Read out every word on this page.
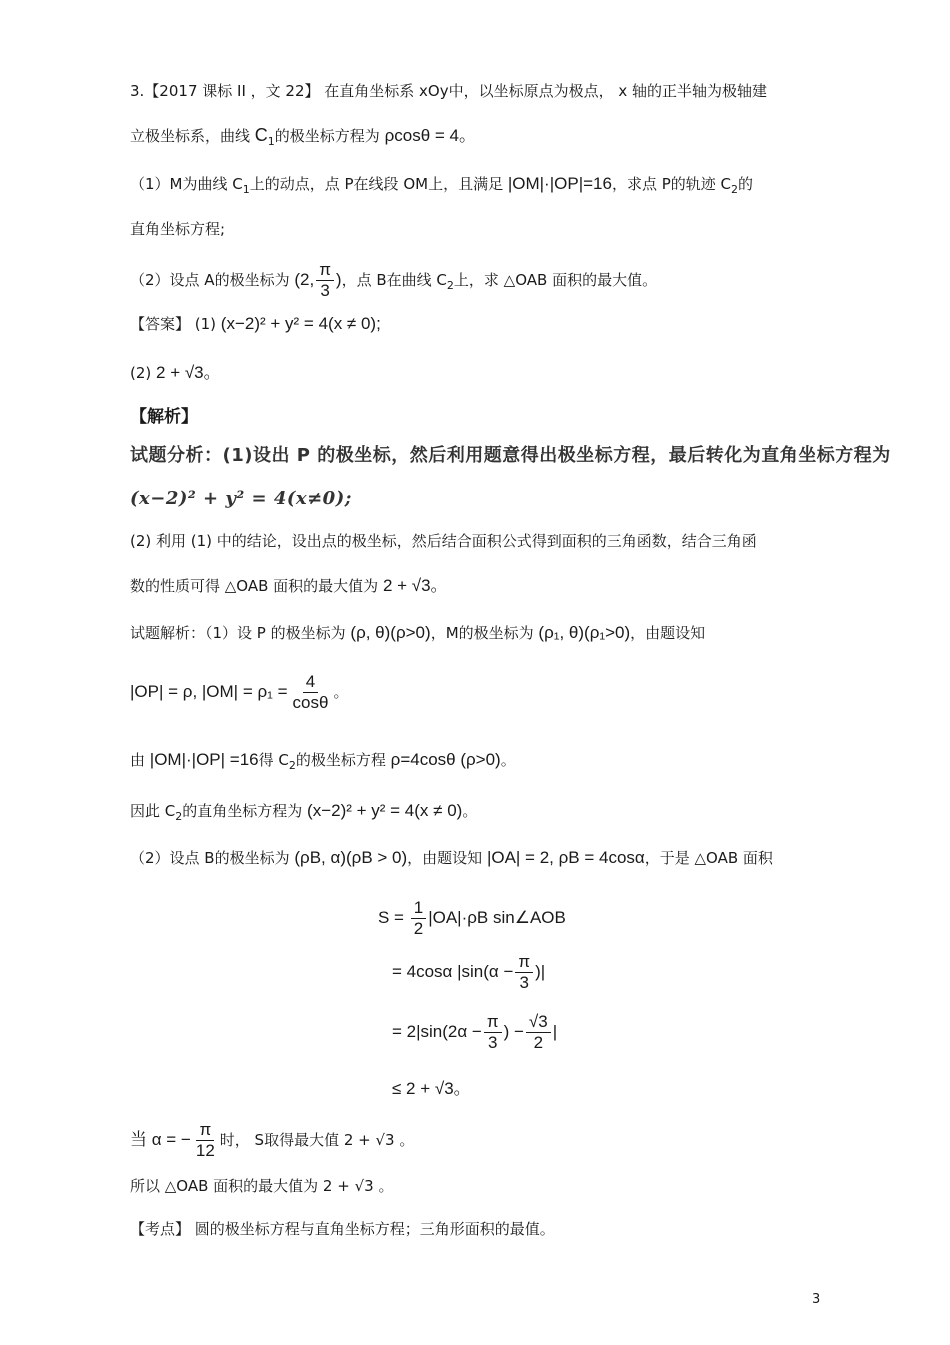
3.【2017 课标 II ，文 22】 在直角坐标系 xOy中，以坐标原点为极点， x 轴的正半轴为极轴建
立极坐标系，曲线 $C_1$的极坐标方程为 ρcosθ = 4。
（1）M为曲线 $C_1$上的动点，点 P在线段 OM上，且满足 |OM|·|OP|=16，求点 P的轨迹 $C_2$的
直角坐标方程;
（2）设点 A的极坐标为 (2, $\frac{\pi}{3}$ )，点 B在曲线 $C_2$上，求 △OAB 面积的最大值。
【答案】 (1) (x−2)² + y² = 4(x ≠ 0);
(2) 2 + √3。
【解析】
试题分析：(1)设出 P 的极坐标，然后利用题意得出极坐标方程，最后转化为直角坐标方程为
(x−2)² + y² = 4(x≠0);
(2) 利用 (1) 中的结论，设出点的极坐标，然后结合面积公式得到面积的三角函数，结合三角函
数的性质可得 △OAB 面积的最大值为 2 + √3。
试题解析：（1）设 P 的极坐标为 (ρ, θ)(ρ>0)，M的极坐标为 (ρ₁, θ)(ρ₁>0)，由题设知
|OP| = ρ, $|OM| = \rho_1 = \frac{4}{\cos\theta}$ 。
由 |OM|·|OP| =16得 $C_2$的极坐标方程 ρ=4cosθ (ρ>0)。
因此 $C_2$的直角坐标方程为 (x−2)² + y² = 4(x ≠ 0)。
（2）设点 B的极坐标为 (ρB, α)(ρB > 0)，由题设知 |OA| = 2, ρB = 4cosα，于是 △OAB 面积
$S = \frac{1}{2} |OA|\cdot\rho B$ sin∠AOB
= 4cosα $|\sin(\alpha - \frac{\pi}{3}$ )|
= $2|\sin(2\alpha - \frac{\pi}{3}$ ) − $\frac{√3}{2}$ |
≤ 2 + √3。
当 α = − $\frac{\pi}{12}$ 时， S取得最大值 2 + √3 。
所以 △OAB 面积的最大值为 2 + √3 。
【考点】 圆的极坐标方程与直角坐标方程；三角形面积的最值。
3
